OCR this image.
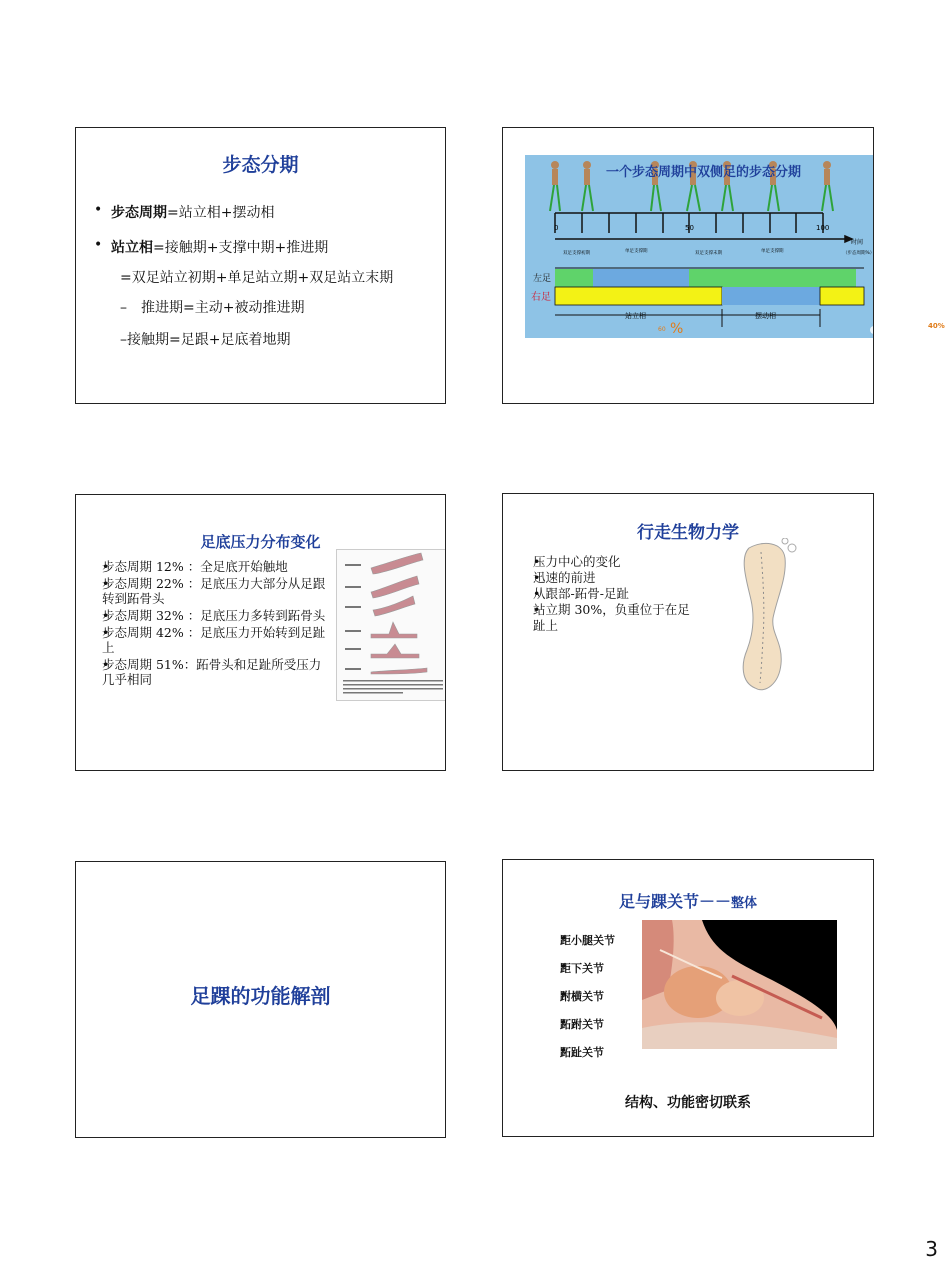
步态分期
• 步态周期=站立相+摆动相
• 站立相=接触期+支撑中期+推进期
=双足站立初期+单足站立期+双足站立末期
–　推进期=主动+被动推进期
–接触期=足跟+足底着地期
0	50	100
时间
（步态周期%）
双足支撑初期	单足支撑期	双足支撑末期	单足支撑期
左足
右足
站立相	摆动相
60 %
一个步态周期中双侧足的步态分期
40%
足底压力分布变化
• 步态周期 12% ：全足底开始触地
• 步态周期 22% ：足底压力大部分从足跟转到跖骨头
• 步态周期 32% ：足底压力多转到跖骨头
• 步态周期 42% ：足底压力开始转到足趾上
• 步态周期 51%：跖骨头和足趾所受压力几乎相同
行走生物力学
• 压力中心的变化
• 迅速的前进
• 从跟部-跖骨-足趾
• 站立期 30%，负重位于在足趾上
足踝的功能解剖
足与踝关节－－整体
• 距小腿关节
• 距下关节
• 跗横关节
• 跖跗关节
• 跖趾关节
结构、功能密切联系
3
